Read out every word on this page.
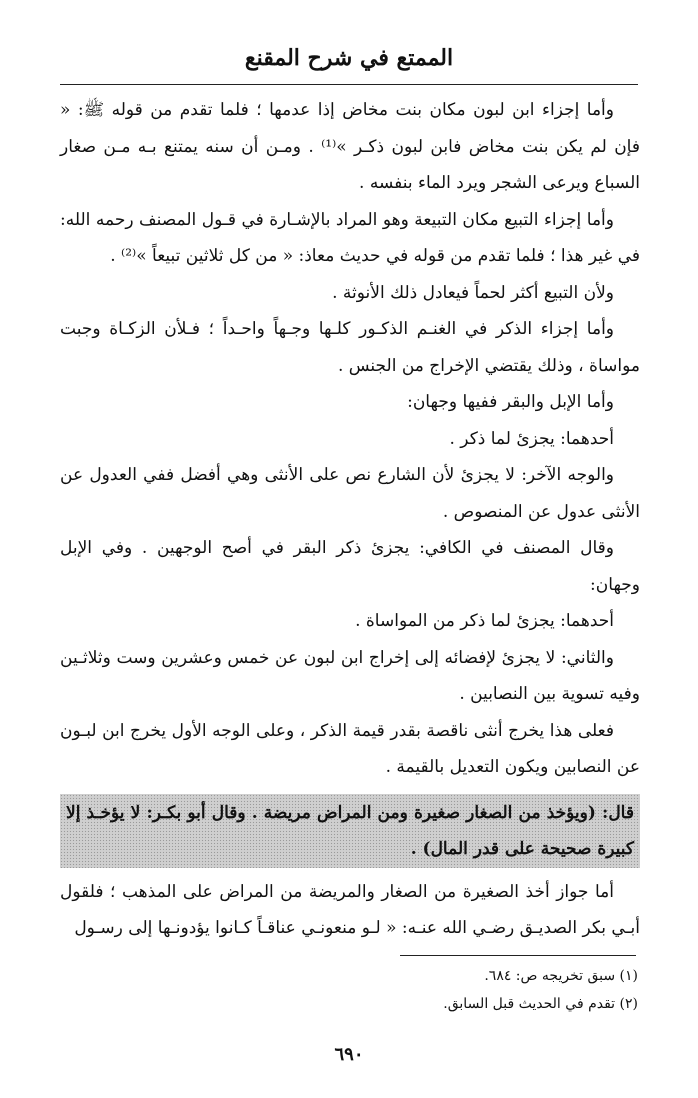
الممتع في شرح المقنع

وأما إجزاء ابن لبون مكان بنت مخاض إذا عدمها ؛ فلما تقدم من قوله ﷺ: « فإن لم يكن بنت مخاض فابن لبون ذكـر »⁽¹⁾ . ومـن أن سنه يمتنع بـه مـن صغار السباع ويرعى الشجر ويرد الماء بنفسه .

وأما إجزاء التبيع مكان التبيعة وهو المراد بالإشـارة في قـول المصنف رحمه الله: في غير هذا ؛ فلما تقدم من قوله في حديث معاذ: « من كل ثلاثين تبيعاً »⁽²⁾ .

ولأن التبيع أكثر لحماً فيعادل ذلك الأنوثة .

وأما إجزاء الذكر في الغنـم الذكـور كلـها وجـهاً واحـداً ؛ فـلأن الزكـاة وجبت مواساة ، وذلك يقتضي الإخراج من الجنس .

وأما الإبل والبقر ففيها وجهان:

أحدهما: يجزئ لما ذكر .

والوجه الآخر: لا يجزئ لأن الشارع نص على الأنثى وهي أفضل ففي العدول عن الأنثى عدول عن المنصوص .

وقال المصنف في الكافي: يجزئ ذكر البقر في أصح الوجهين . وفي الإبل وجهان:

أحدهما: يجزئ لما ذكر من المواساة .

والثاني: لا يجزئ لإفضائه إلى إخراج ابن لبون عن خمس وعشرين وست وثلاثـين وفيه تسوية بين النصابين .

فعلى هذا يخرج أنثى ناقصة بقدر قيمة الذكر ، وعلى الوجه الأول يخرج ابن لبـون عن النصابين ويكون التعديل بالقيمة .

قال: (ويؤخذ من الصغار صغيرة ومن المراض مريضة . وقال أبو بكـر: لا يؤخـذ إلا كبيرة صحيحة على قدر المال) .

أما جواز أخذ الصغيرة من الصغار والمريضة من المراض على المذهب ؛ فلقول أبـي بكر الصديـق رضـي الله عنـه: « لـو منعونـي عناقـاً كـانوا يؤدونـها إلى رسـول

(١) سبق تخريجه ص: ٦٨٤.

(٢) تقدم في الحديث قبل السابق.

٦٩٠
